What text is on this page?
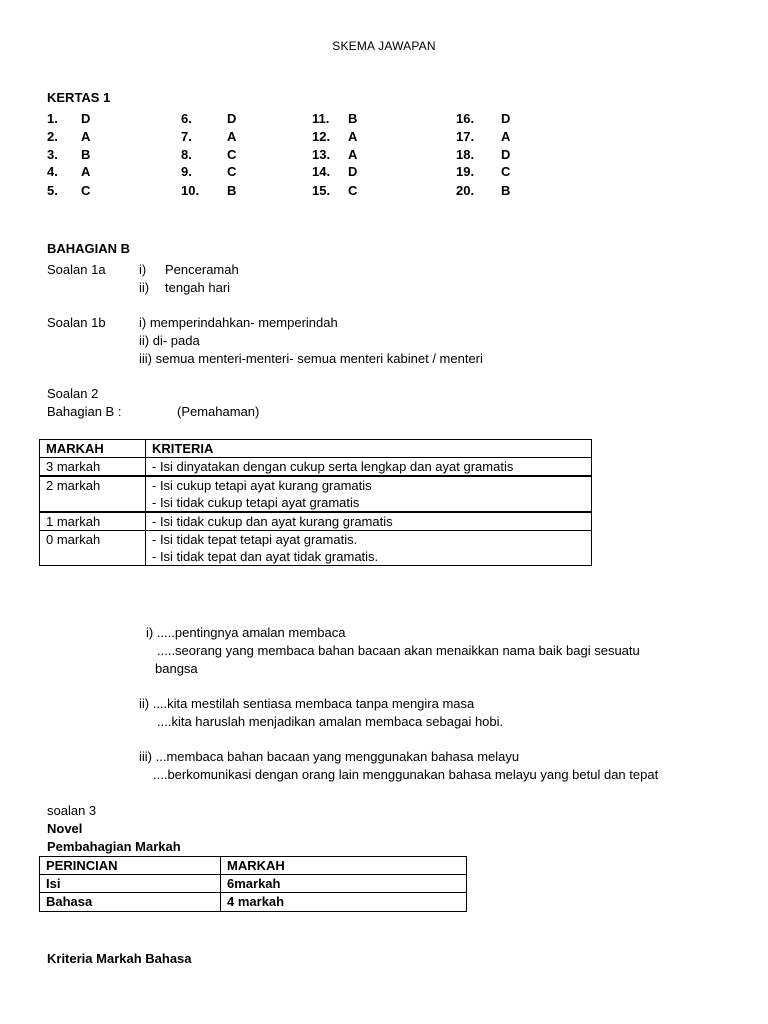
SKEMA JAWAPAN
KERTAS 1
1. D
2. A
3. B
4. A
5. C
6.	D
7.	A
8.	C
9.	C
10. B
11. B
12. A
13. A
14. D
15. C
16. D
17. A
18. D
19. C
20. B
BAHAGIAN B
Soalan 1a	i) Penceramah
ii) tengah hari
Soalan 1b	i) memperindahkan- memperindah
ii) di- pada
iii) semua menteri-menteri- semua menteri kabinet / menteri
Soalan 2
Bahagian B :	(Pemahaman)
MARKAH	KRITERIA
3 markah	- Isi dinyatakan dengan cukup serta lengkap dan ayat gramatis

2 markah	- Isi cukup tetapi ayat kurang gramatis
- Isi tidak cukup tetapi ayat gramatis

1 markah	- Isi tidak cukup dan ayat kurang gramatis

0 markah	- Isi tidak tepat tetapi ayat gramatis.
- Isi tidak tepat dan ayat tidak gramatis.
i) .....pentingnya amalan membaca
.....seorang yang membaca bahan bacaan akan menaikkan nama baik bagi sesuatu
bangsa
ii) ....kita mestilah sentiasa membaca tanpa mengira masa
....kita haruslah menjadikan amalan membaca sebagai hobi.
iii) ...membaca bahan bacaan yang menggunakan bahasa melayu
....berkomunikasi dengan orang lain menggunakan bahasa melayu yang betul dan tepat
soalan 3
Novel
Pembahagian Markah
PERINCIAN	MARKAH
Isi	6markah
Bahasa	4 markah
Kriteria Markah Bahasa
